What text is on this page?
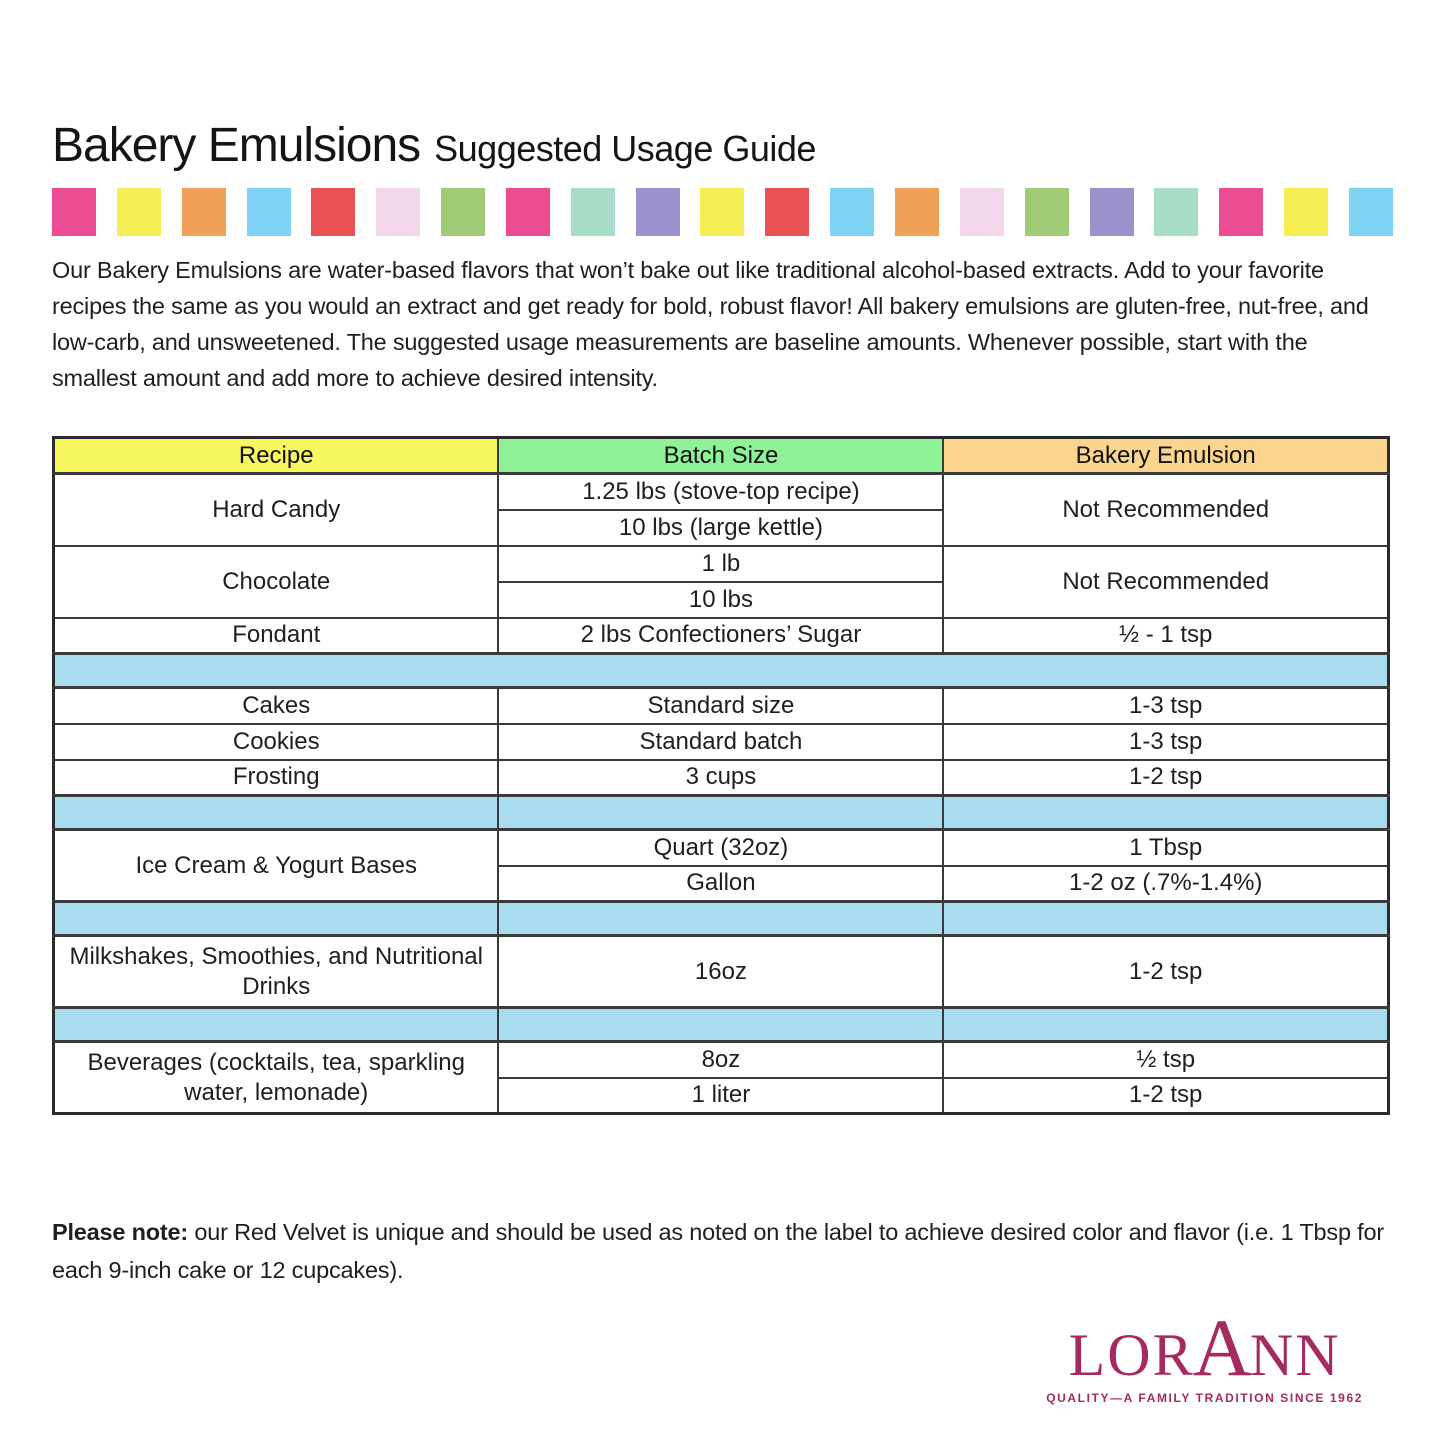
Bakery Emulsions Suggested Usage Guide

Our Bakery Emulsions are water-based flavors that won’t bake out like traditional alcohol-based extracts. Add to your favorite recipes the same as you would an extract and get ready for bold, robust flavor! All bakery emulsions are gluten-free, nut-free, and low-carb, and unsweetened. The suggested usage measurements are baseline amounts. Whenever possible, start with the smallest amount and add more to achieve desired intensity.

Recipe	Batch Size	Bakery Emulsion
Hard Candy	1.25 lbs (stove-top recipe)	Not Recommended
	10 lbs (large kettle)	
Chocolate	1 lb	Not Recommended
	10 lbs	
Fondant	2 lbs Confectioners’ Sugar	½ - 1 tsp

Cakes	Standard size	1-3 tsp
Cookies	Standard batch	1-3 tsp
Frosting	3 cups	1-2 tsp

Ice Cream & Yogurt Bases	Quart (32oz)	1 Tbsp
	Gallon	1-2 oz (.7%-1.4%)

Milkshakes, Smoothies, and Nutritional Drinks	16oz	1-2 tsp

Beverages (cocktails, tea, sparkling water, lemonade)	8oz	½ tsp
	1 liter	1-2 tsp

Please note: our Red Velvet is unique and should be used as noted on the label to achieve desired color and flavor (i.e. 1 Tbsp for each 9-inch cake or 12 cupcakes).

LOR
A
NN
QUALITY—A FAMILY TRADITION SINCE 1962
